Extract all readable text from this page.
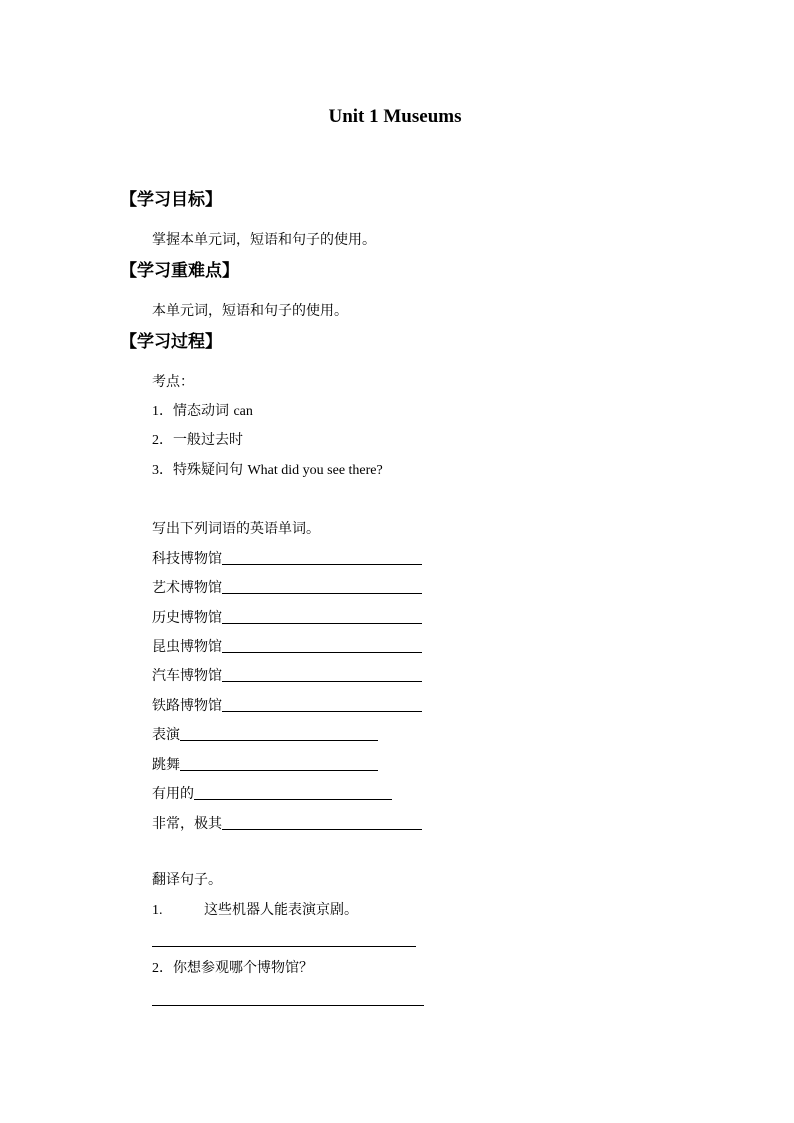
Unit 1 Museums
【学习目标】
掌握本单元词，短语和句子的使用。
【学习重难点】
本单元词，短语和句子的使用。
【学习过程】
考点：
1．情态动词 can
2．一般过去时
3．特殊疑问句 What did you see there?
写出下列词语的英语单词。
科技博物馆
艺术博物馆
历史博物馆
昆虫博物馆
汽车博物馆
铁路博物馆
表演
跳舞
有用的
非常，极其
翻译句子。
1.	这些机器人能表演京剧。
2．你想参观哪个博物馆？
